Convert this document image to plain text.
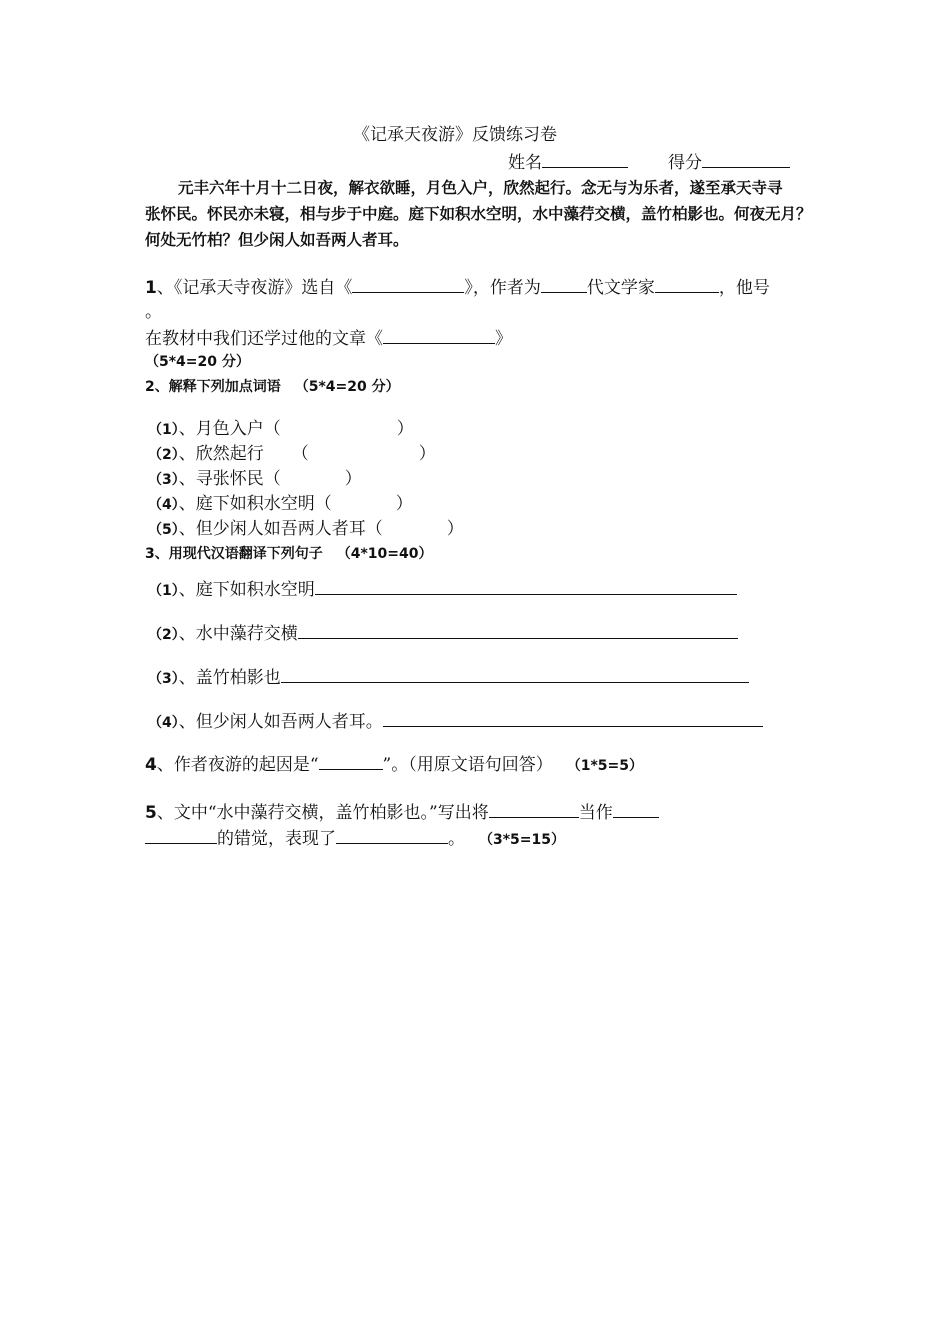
《记承天夜游》反馈练习卷
姓名	得分
元丰六年十月十二日夜，解衣欲睡，月色入户，欣然起行。念无与为乐者，遂至承天寺寻
张怀民。怀民亦未寝，相与步于中庭。庭下如积水空明，水中藻荇交横，盖竹柏影也。何夜无月？
何处无竹柏？但少闲人如吾两人者耳。
1、《记承天寺夜游》选自《	》，作者为	代文学家	，他号
。
在教材中我们还学过他的文章《	》
（5*4=20 分）
2、解释下列加点词语 （5*4=20 分）
（1）、月色入户（	）
（2）、欣然起行 （	）
（3）、寻张怀民（	）
（4）、庭下如积水空明（	）
（5）、但少闲人如吾两人者耳（	）
3、用现代汉语翻译下列句子 （4*10=40）
（1）、庭下如积水空明
（2）、水中藻荇交横
（3）、盖竹柏影也
（4）、但少闲人如吾两人者耳。
4、作者夜游的起因是“	”。（用原文语句回答） （1*5=5）
5、文中“水中藻荇交横，盖竹柏影也。”写出将	当作
的错觉，表现了	。 （3*5=15）
